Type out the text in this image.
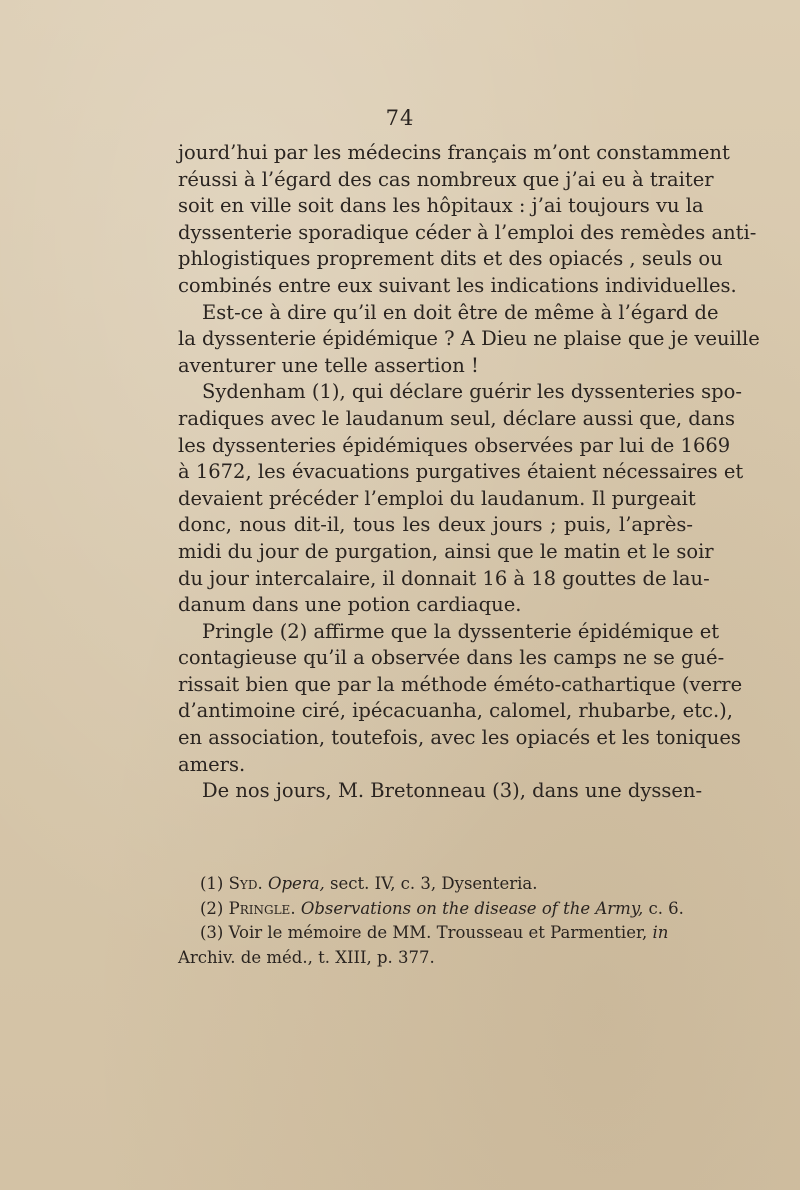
74

jourd’hui par les médecins français m’ont constamment
réussi à l’égard des cas nombreux que j’ai eu à traiter
soit en ville soit dans les hôpitaux : j’ai toujours vu la
dyssenterie sporadique céder à l’emploi des remèdes anti-
phlogistiques proprement dits et des opiacés , seuls ou
combinés entre eux suivant les indications individuelles.

Est-ce à dire qu’il en doit être de même à l’égard de
la dyssenterie épidémique ? A Dieu ne plaise que je veuille
aventurer une telle assertion !

Sydenham (1), qui déclare guérir les dyssenteries spo-
radiques avec le laudanum seul, déclare aussi que, dans
les dyssenteries épidémiques observées par lui de 1669
à 1672, les évacuations purgatives étaient nécessaires et
devaient précéder l’emploi du laudanum. Il purgeait
donc, nous dit-il, tous les deux jours ; puis, l’après-
midi du jour de purgation, ainsi que le matin et le soir
du jour intercalaire, il donnait 16 à 18 gouttes de lau-
danum dans une potion cardiaque.

Pringle (2) affirme que la dyssenterie épidémique et
contagieuse qu’il a observée dans les camps ne se gué-
rissait bien que par la méthode éméto-cathartique (verre
d’antimoine ciré, ipécacuanha, calomel, rhubarbe, etc.),
en association, toutefois, avec les opiacés et les toniques
amers.

De nos jours, M. Bretonneau (3), dans une dyssen-

(1) Syd. Opera, sect. IV, c. 3, Dysenteria.
(2) Pringle. Observations on the disease of the Army, c. 6.
(3) Voir le mémoire de MM. Trousseau et Parmentier, in
Archiv. de méd., t. XIII, p. 377.
